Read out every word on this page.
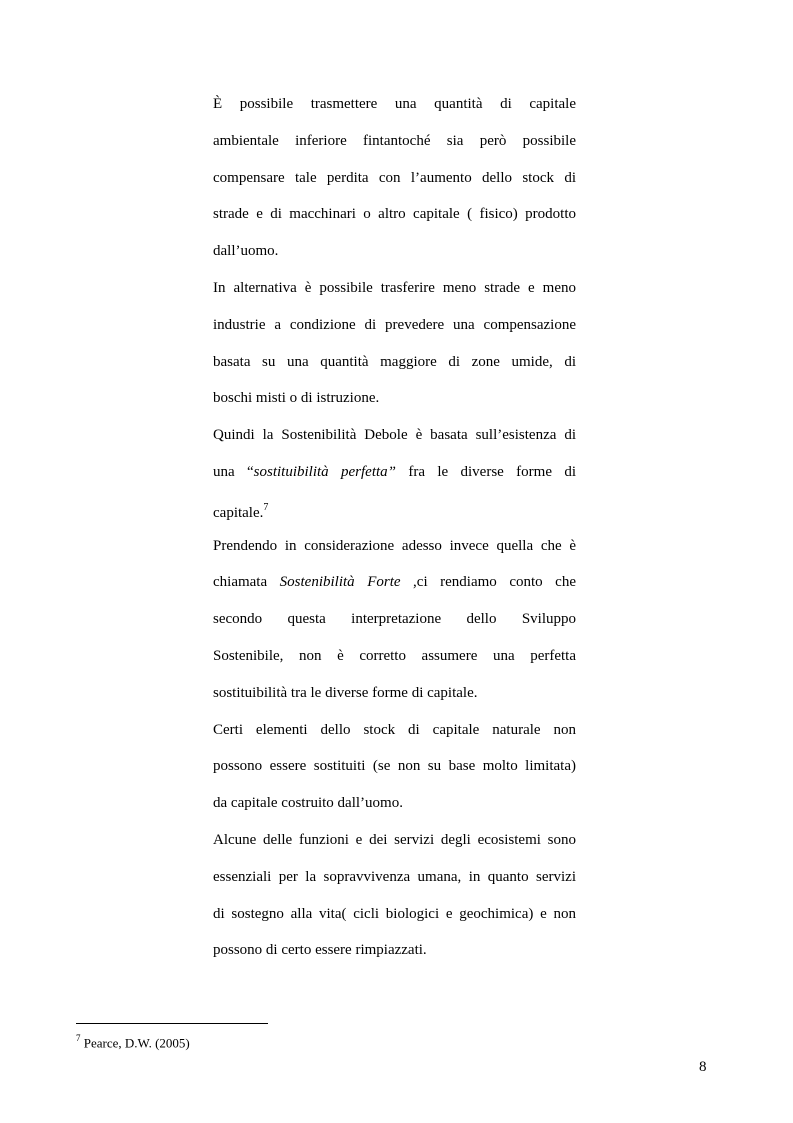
È possibile trasmettere una quantità di capitale
ambientale inferiore fintantoché sia però possibile
compensare tale perdita con l’aumento dello stock di
strade e di macchinari o altro capitale ( fisico) prodotto
dall’uomo.
In alternativa è possibile trasferire meno strade e meno
industrie a condizione di prevedere una compensazione
basata su una quantità maggiore di zone umide, di
boschi misti o di istruzione.
Quindi la Sostenibilità Debole è basata sull’esistenza di
una “sostituibilità perfetta” fra le diverse forme di
capitale.$^7$
Prendendo in considerazione adesso invece quella che è
chiamata Sostenibilità Forte ,ci rendiamo conto che
secondo questa interpretazione dello Sviluppo
Sostenibile, non è corretto assumere una perfetta
sostituibilità tra le diverse forme di capitale.
Certi elementi dello stock di capitale naturale non
possono essere sostituiti (se non su base molto limitata)
da capitale costruito dall’uomo.
Alcune delle funzioni e dei servizi degli ecosistemi sono
essenziali per la sopravvivenza umana, in quanto servizi
di sostegno alla vita( cicli biologici e geochimica) e non
possono di certo essere rimpiazzati.
$^7$ Pearce, D.W. (2005)
8
